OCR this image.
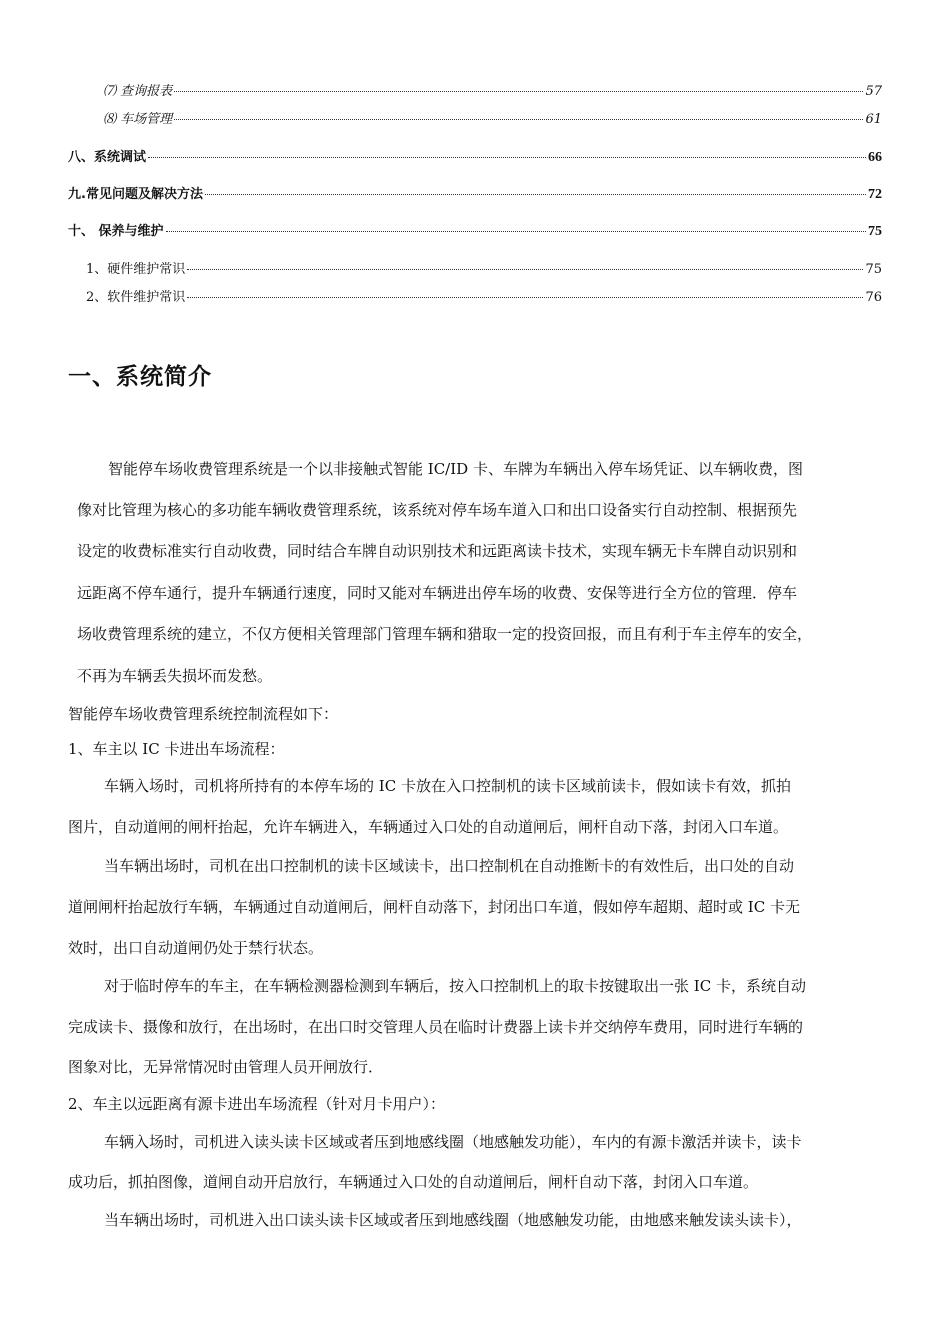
⑺ 查询报表	57
⑻ 车场管理	61
八、系统调试	66
九.常见问题及解决方法	72
十、 保养与维护	75
1、硬件维护常识	75
2、软件维护常识	76
一、系统简介
智能停车场收费管理系统是一个以非接触式智能 IC/ID 卡、车牌为车辆出入停车场凭证、以车辆收费，图
像对比管理为核心的多功能车辆收费管理系统，该系统对停车场车道入口和出口设备实行自动控制、根据预先
设定的收费标准实行自动收费，同时结合车牌自动识别技术和远距离读卡技术，实现车辆无卡车牌自动识别和
远距离不停车通行，提升车辆通行速度，同时又能对车辆进出停车场的收费、安保等进行全方位的管理．停车
场收费管理系统的建立，不仅方便相关管理部门管理车辆和猎取一定的投资回报，而且有利于车主停车的安全，
不再为车辆丢失损坏而发愁。
智能停车场收费管理系统控制流程如下：
1、车主以 IC 卡进出车场流程：
车辆入场时，司机将所持有的本停车场的 IC 卡放在入口控制机的读卡区域前读卡，假如读卡有效，抓拍
图片，自动道闸的闸杆抬起，允许车辆进入，车辆通过入口处的自动道闸后，闸杆自动下落，封闭入口车道。
当车辆出场时，司机在出口控制机的读卡区域读卡，出口控制机在自动推断卡的有效性后，出口处的自动
道闸闸杆抬起放行车辆，车辆通过自动道闸后，闸杆自动落下，封闭出口车道，假如停车超期、超时或 IC 卡无
效时，出口自动道闸仍处于禁行状态。
对于临时停车的车主，在车辆检测器检测到车辆后，按入口控制机上的取卡按键取出一张 IC 卡，系统自动
完成读卡、摄像和放行，在出场时，在出口时交管理人员在临时计费器上读卡并交纳停车费用，同时进行车辆的
图象对比，无异常情况时由管理人员开闸放行．
2、车主以远距离有源卡进出车场流程（针对月卡用户）：
车辆入场时，司机进入读头读卡区域或者压到地感线圈（地感触发功能），车内的有源卡激活并读卡，读卡
成功后，抓拍图像，道闸自动开启放行，车辆通过入口处的自动道闸后，闸杆自动下落，封闭入口车道。
当车辆出场时，司机进入出口读头读卡区域或者压到地感线圈（地感触发功能，由地感来触发读头读卡），
